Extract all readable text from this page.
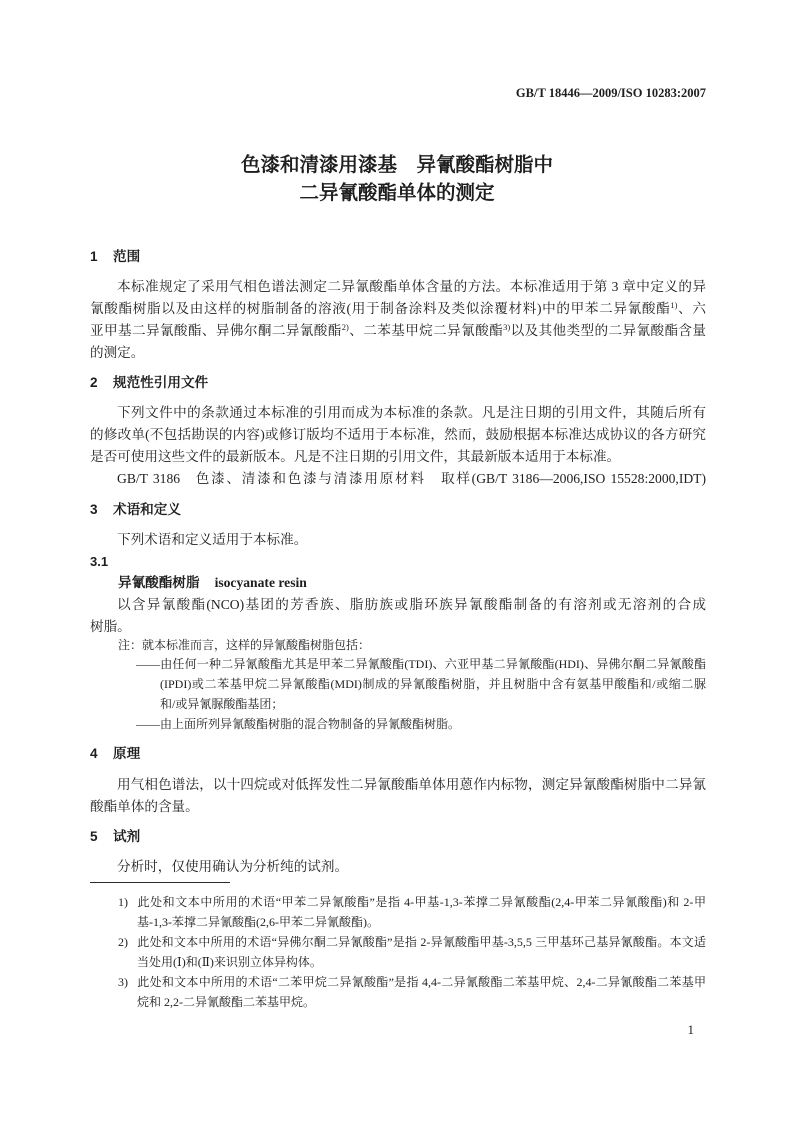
GB/T 18446—2009/ISO 10283:2007
色漆和清漆用漆基　异氰酸酯树脂中
二异氰酸酯单体的测定
1 范围
本标准规定了采用气相色谱法测定二异氰酸酯单体含量的方法。本标准适用于第 3 章中定义的异
氰酸酯树脂以及由这样的树脂制备的溶液(用于制备涂料及类似涂覆材料)中的甲苯二异氰酸酯$^{1)}$、六
亚甲基二异氰酸酯、异佛尔酮二异氰酸酯$^{2)}$、二苯基甲烷二异氰酸酯$^{3)}$以及其他类型的二异氰酸酯含量
的测定。
2 规范性引用文件
下列文件中的条款通过本标准的引用而成为本标准的条款。凡是注日期的引用文件，其随后所有
的修改单(不包括勘误的内容)或修订版均不适用于本标准，然而，鼓励根据本标准达成协议的各方研究
是否可使用这些文件的最新版本。凡是不注日期的引用文件，其最新版本适用于本标准。
GB/T 3186 色漆、清漆和色漆与清漆用原材料　取样(GB/T 3186—2006,ISO 15528:2000,IDT)
3 术语和定义
下列术语和定义适用于本标准。
3.1
异氰酸酯树脂 isocyanate resin
以含异氰酸酯(NCO)基团的芳香族、脂肪族或脂环族异氰酸酯制备的有溶剂或无溶剂的合成
树脂。
注：就本标准而言，这样的异氰酸酯树脂包括：
——由任何一种二异氰酸酯尤其是甲苯二异氰酸酯(TDI)、六亚甲基二异氰酸酯(HDI)、异佛尔酮二异氰酸酯
(IPDI)或二苯基甲烷二异氰酸酯(MDI)制成的异氰酸酯树脂，并且树脂中含有氨基甲酸酯和/或缩二脲
和/或异氰脲酸酯基团；
——由上面所列异氰酸酯树脂的混合物制备的异氰酸酯树脂。
4 原理
用气相色谱法，以十四烷或对低挥发性二异氰酸酯单体用蒽作内标物，测定异氰酸酯树脂中二异氰
酸酯单体的含量。
5 试剂
分析时，仅使用确认为分析纯的试剂。
1) 此处和文本中所用的术语“甲苯二异氰酸酯”是指 4-甲基-1,3-苯撑二异氰酸酯(2,4-甲苯二异氰酸酯)和 2-甲
基-1,3-苯撑二异氰酸酯(2,6-甲苯二异氰酸酯)。
2) 此处和文本中所用的术语“异佛尔酮二异氰酸酯”是指 2-异氰酸酯甲基-3,5,5 三甲基环己基异氰酸酯。本文适
当处用(Ⅰ)和(Ⅱ)来识别立体异构体。
3) 此处和文本中所用的术语“二苯甲烷二异氰酸酯”是指 4,4-二异氰酸酯二苯基甲烷、2,4-二异氰酸酯二苯基甲
烷和 2,2-二异氰酸酯二苯基甲烷。
1
